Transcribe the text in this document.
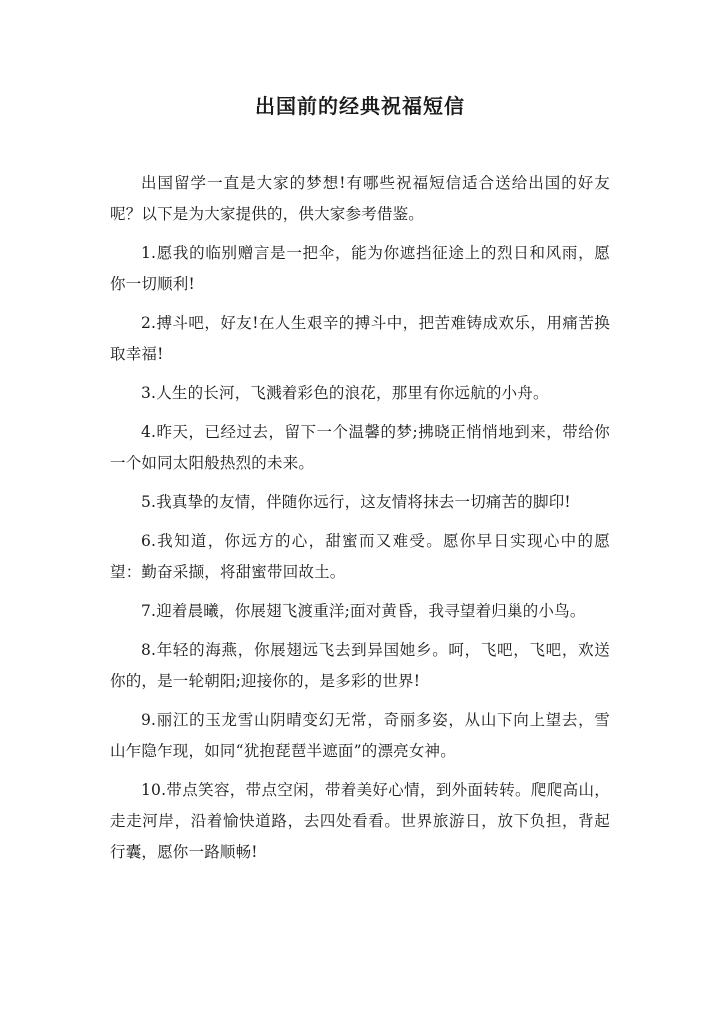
出国前的经典祝福短信

出国留学一直是大家的梦想!有哪些祝福短信适合送给出国的好友呢？以下是为大家提供的，供大家参考借鉴。

1.愿我的临别赠言是一把伞，能为你遮挡征途上的烈日和风雨，愿你一切顺利!

2.搏斗吧，好友!在人生艰辛的搏斗中，把苦难铸成欢乐，用痛苦换取幸福!

3.人生的长河，飞溅着彩色的浪花，那里有你远航的小舟。

4.昨天，已经过去，留下一个温馨的梦;拂晓正悄悄地到来，带给你一个如同太阳般热烈的未来。

5.我真挚的友情，伴随你远行，这友情将抹去一切痛苦的脚印!

6.我知道，你远方的心，甜蜜而又难受。愿你早日实现心中的愿望：勤奋采撷，将甜蜜带回故土。

7.迎着晨曦，你展翅飞渡重洋;面对黄昏，我寻望着归巢的小鸟。

8.年轻的海燕，你展翅远飞去到异国她乡。呵，飞吧，飞吧，欢送你的，是一轮朝阳;迎接你的，是多彩的世界!

9.丽江的玉龙雪山阴晴变幻无常，奇丽多姿，从山下向上望去，雪山乍隐乍现，如同“犹抱琵琶半遮面”的漂亮女神。

10.带点笑容，带点空闲，带着美好心情，到外面转转。爬爬高山，走走河岸，沿着愉快道路，去四处看看。世界旅游日，放下负担，背起行囊，愿你一路顺畅!
